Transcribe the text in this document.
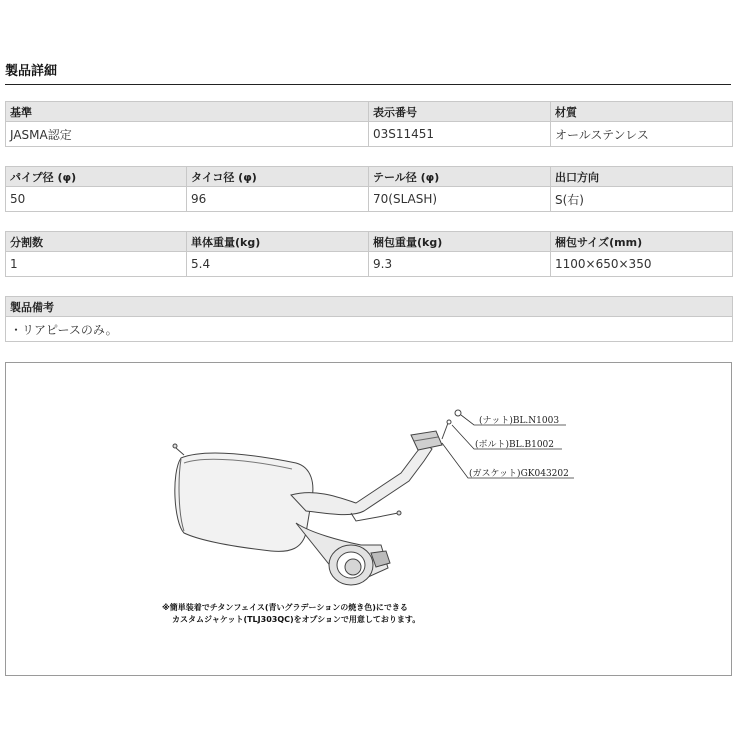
製品詳細
基準	表示番号	材質
JASMA認定	03S11451	オールステンレス
パイプ径 (φ)	タイコ径 (φ)	テール径 (φ)	出口方向
50	96	70(SLASH)	S(右)
分割数	単体重量(kg)	梱包重量(kg)	梱包サイズ(mm)
1	5.4	9.3	1100×650×350
製品備考
・リアピースのみ。
(ナット)BL.N1003
(ボルト)BL.B1002
(ガスケット)GK043202
※簡単装着でチタンフェイス(青いグラデーションの焼き色)にできる
カスタムジャケット(TLJ303QC)をオプションで用意しております。
